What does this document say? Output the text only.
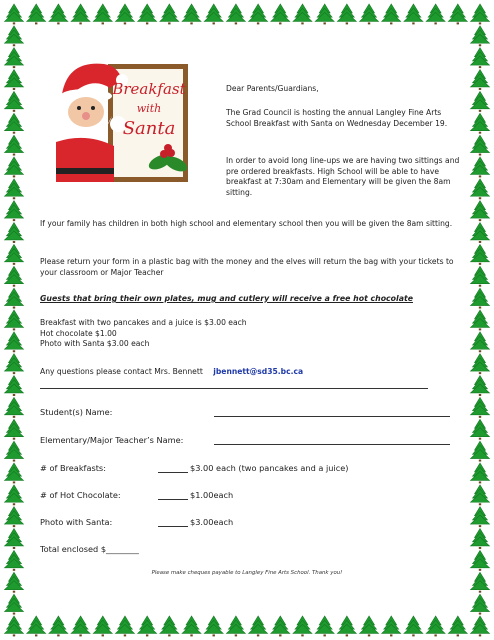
Breakfast
with
Santa
Dear Parents/Guardians,
The Grad Council is hosting the annual Langley Fine Arts School Breakfast with Santa on Wednesday December 19.
In order to avoid long line-ups we are having two sittings and pre ordered breakfasts. High School will be able to have breakfast at 7:30am and Elementary will be given the 8am sitting.
If your family has children in both high school and elementary school then you will be given the 8am sitting.
Please return your form in a plastic bag with the money and the elves will return the bag with your tickets to your classroom or Major Teacher
Guests that bring their own plates, mug and cutlery will receive a free hot chocolate
Breakfast with two pancakes and a juice is $3.00 each
Hot chocolate $1.00
Photo with Santa $3.00 each
Any questions please contact Mrs. Bennett jbennett@sd35.bc.ca
Student(s) Name:
Elementary/Major Teacher’s Name:
# of Breakfasts:	$3.00 each (two pancakes and a juice)
# of Hot Chocolate:	$1.00each
Photo with Santa:	$3.00each
Total enclosed $________
Please make cheques payable to Langley Fine Arts School. Thank you!
